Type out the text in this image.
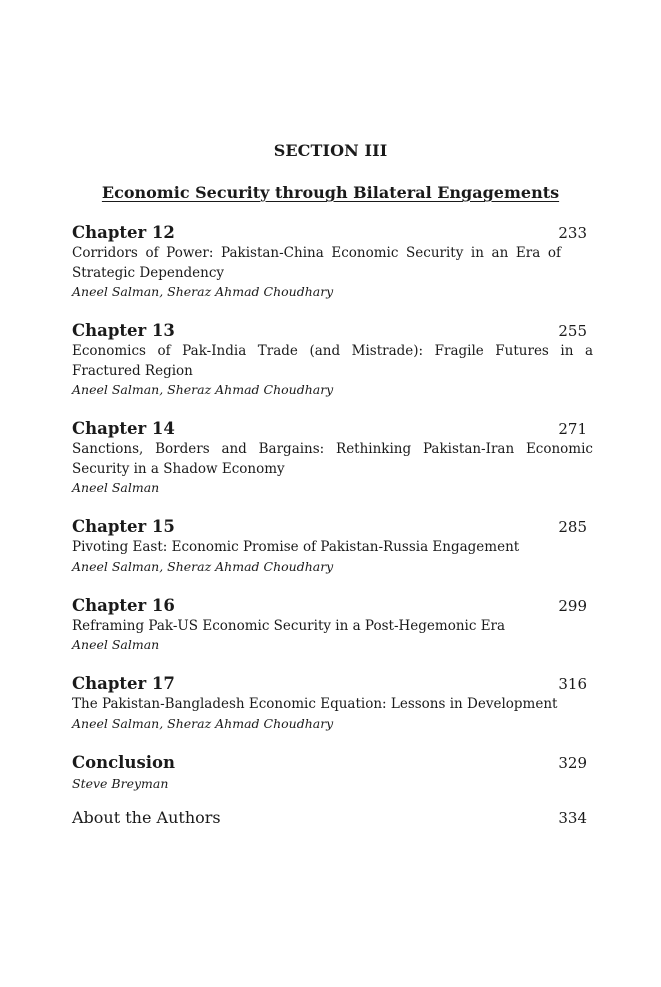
SECTION III
Economic Security through Bilateral Engagements
Chapter 12	233
Corridors of Power: Pakistan-China Economic Security in an Era of Strategic Dependency
Aneel Salman, Sheraz Ahmad Choudhary
Chapter 13	255
Economics of Pak-India Trade (and Mistrade): Fragile Futures in a Fractured Region
Aneel Salman, Sheraz Ahmad Choudhary
Chapter 14	271
Sanctions, Borders and Bargains: Rethinking Pakistan-Iran Economic Security in a Shadow Economy
Aneel Salman
Chapter 15	285
Pivoting East: Economic Promise of Pakistan-Russia Engagement
Aneel Salman, Sheraz Ahmad Choudhary
Chapter 16	299
Reframing Pak-US Economic Security in a Post-Hegemonic Era
Aneel Salman
Chapter 17	316
The Pakistan-Bangladesh Economic Equation: Lessons in Development
Aneel Salman, Sheraz Ahmad Choudhary
Conclusion	329
Steve Breyman
About the Authors	334
